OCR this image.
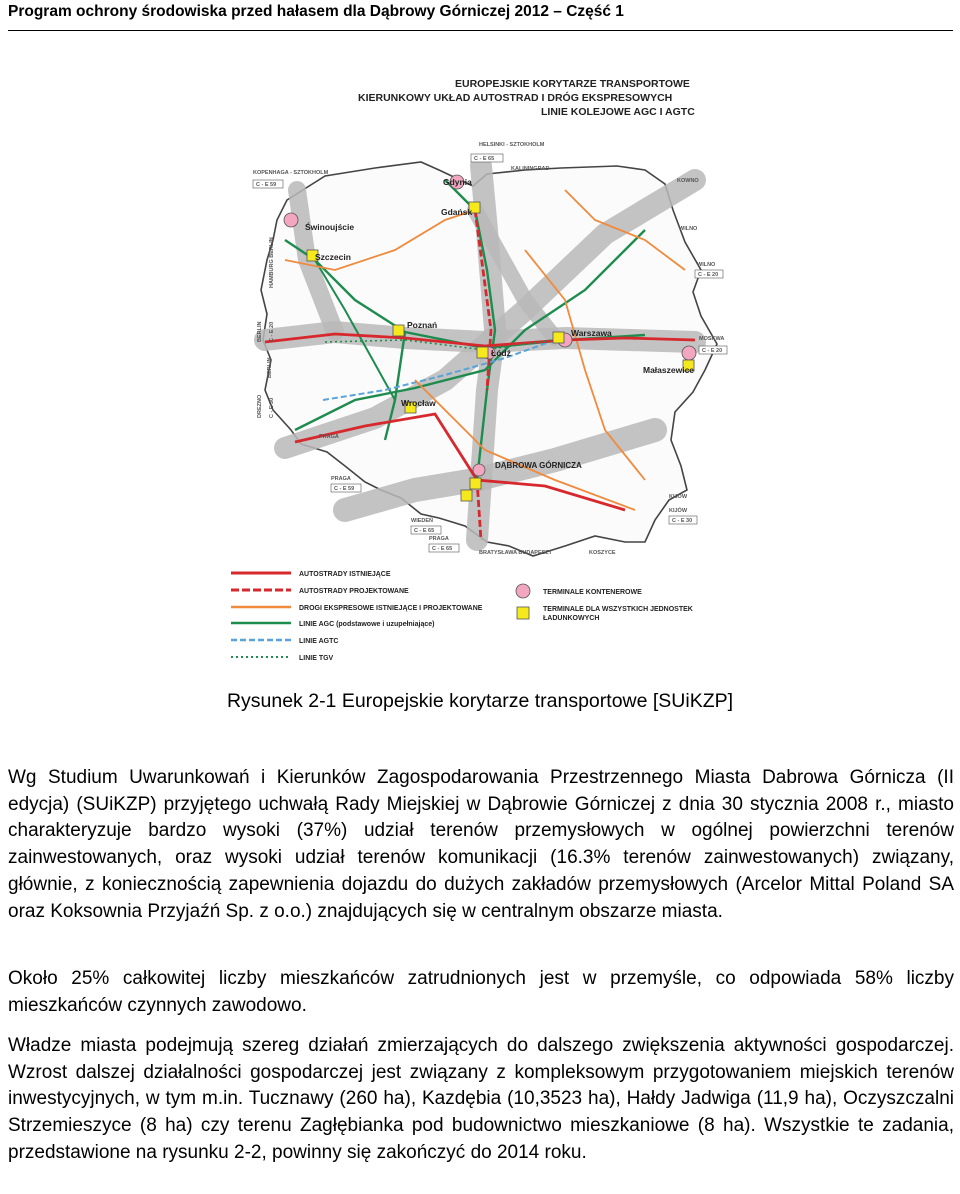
Program ochrony środowiska przed hałasem dla Dąbrowy Górniczej 2012 – Część 1
EUROPEJSKIE KORYTARZE TRANSPORTOWE
KIERUNKOWY UKŁAD AUTOSTRAD I DRÓG EKSPRESOWYCH
LINIE KOLEJOWE AGC I AGTC
Gdynia
Gdańsk
Świnoujście
Szczecin
Poznań
Warszawa
Łódź
Wrocław
Małaszewice
DĄBROWA GÓRNICZA
HELSINKI - SZTOKHOLM
C - E 65
KOPENHAGA - SZTOKHOLM
C - E 59
KALININGRAD
KOWNO
WILNO
WILNO
C - E 20
MOSKWA
C - E 20
HAMBURG BERLIN
BERLIN C - E 20
BERLIN
DREZNO C - E 30
PRAGA
PRAGA
C - E 59
WIEDEŃ
C - E 65
PRAGA
C - E 65
BRATYSŁAWA BUDAPESZT	KOSZYCE
KIJÓW
KIJÓW
C - E 30
AUTOSTRADY ISTNIEJĄCE
AUTOSTRADY PROJEKTOWANE
DROGI EKSPRESOWE ISTNIEJĄCE I PROJEKTOWANE
LINIE AGC (podstawowe i uzupełniające)
LINIE AGTC
LINIE TGV
TERMINALE KONTENEROWE
TERMINALE DLA WSZYSTKICH JEDNOSTEK
ŁADUNKOWYCH
Rysunek 2-1 Europejskie korytarze transportowe [SUiKZP]

Wg Studium Uwarunkowań i Kierunków Zagospodarowania Przestrzennego Miasta Dabrowa Górnicza (II edycja) (SUiKZP) przyjętego uchwałą Rady Miejskiej w Dąbrowie Górniczej z dnia 30 stycznia 2008 r., miasto charakteryzuje bardzo wysoki (37%) udział terenów przemysłowych w ogólnej powierzchni terenów zainwestowanych, oraz wysoki udział terenów komunikacji (16.3% terenów zainwestowanych) związany, głównie, z koniecznością zapewnienia dojazdu do dużych zakładów przemysłowych (Arcelor Mittal Poland SA oraz Koksownia Przyjaźń Sp. z o.o.) znajdujących się w centralnym obszarze miasta.

Około 25% całkowitej liczby mieszkańców zatrudnionych jest w przemyśle, co odpowiada 58% liczby mieszkańców czynnych zawodowo.

Władze miasta podejmują szereg działań zmierzających do dalszego zwiększenia aktywności gospodarczej. Wzrost dalszej działalności gospodarczej jest związany z kompleksowym przygotowaniem miejskich terenów inwestycyjnych, w tym m.in. Tucznawy (260 ha), Kazdębia (10,3523 ha), Hałdy Jadwiga (11,9 ha), Oczyszczalni Strzemieszyce (8 ha) czy terenu Zagłębianka pod budownictwo mieszkaniowe (8 ha). Wszystkie te zadania, przedstawione na rysunku 2-2, powinny się zakończyć do 2014 roku.
